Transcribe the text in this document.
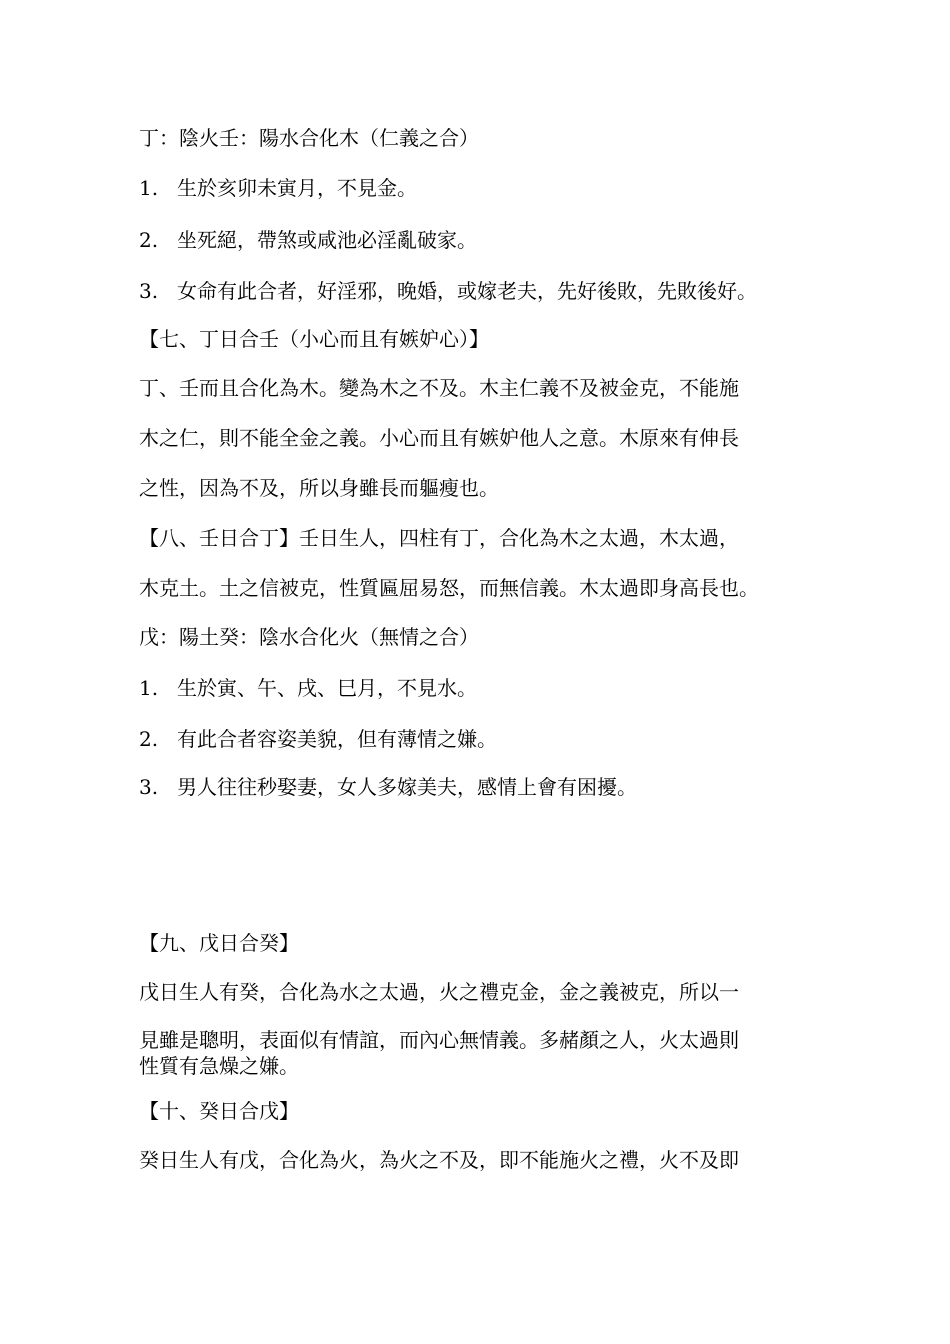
丁：陰火壬：陽水合化木（仁義之合）
1. 生於亥卯未寅月，不見金。
2. 坐死絕，帶煞或咸池必淫亂破家。
3. 女命有此合者，好淫邪，晚婚，或嫁老夫，先好後敗，先敗後好。
【七、丁日合壬（小心而且有嫉妒心）】
丁、壬而且合化為木。變為木之不及。木主仁義不及被金克，不能施
木之仁，則不能全金之義。小心而且有嫉妒他人之意。木原來有伸長
之性，因為不及，所以身雖長而軀瘦也。
【八、壬日合丁】壬日生人，四柱有丁，合化為木之太過，木太過，
木克土。土之信被克，性質匾屈易怒，而無信義。木太過即身高長也。
戊：陽土癸：陰水合化火（無情之合）
1. 生於寅、午、戌、巳月，不見水。
2. 有此合者容姿美貌，但有薄情之嫌。
3. 男人往往秒娶妻，女人多嫁美夫，感情上會有困擾。
【九、戊日合癸】
戊日生人有癸，合化為水之太過，火之禮克金，金之義被克，所以一
見雖是聰明，表面似有情誼，而內心無情義。多赭顏之人，火太過則
性質有急燥之嫌。
【十、癸日合戊】
癸日生人有戊，合化為火，為火之不及，即不能施火之禮，火不及即
